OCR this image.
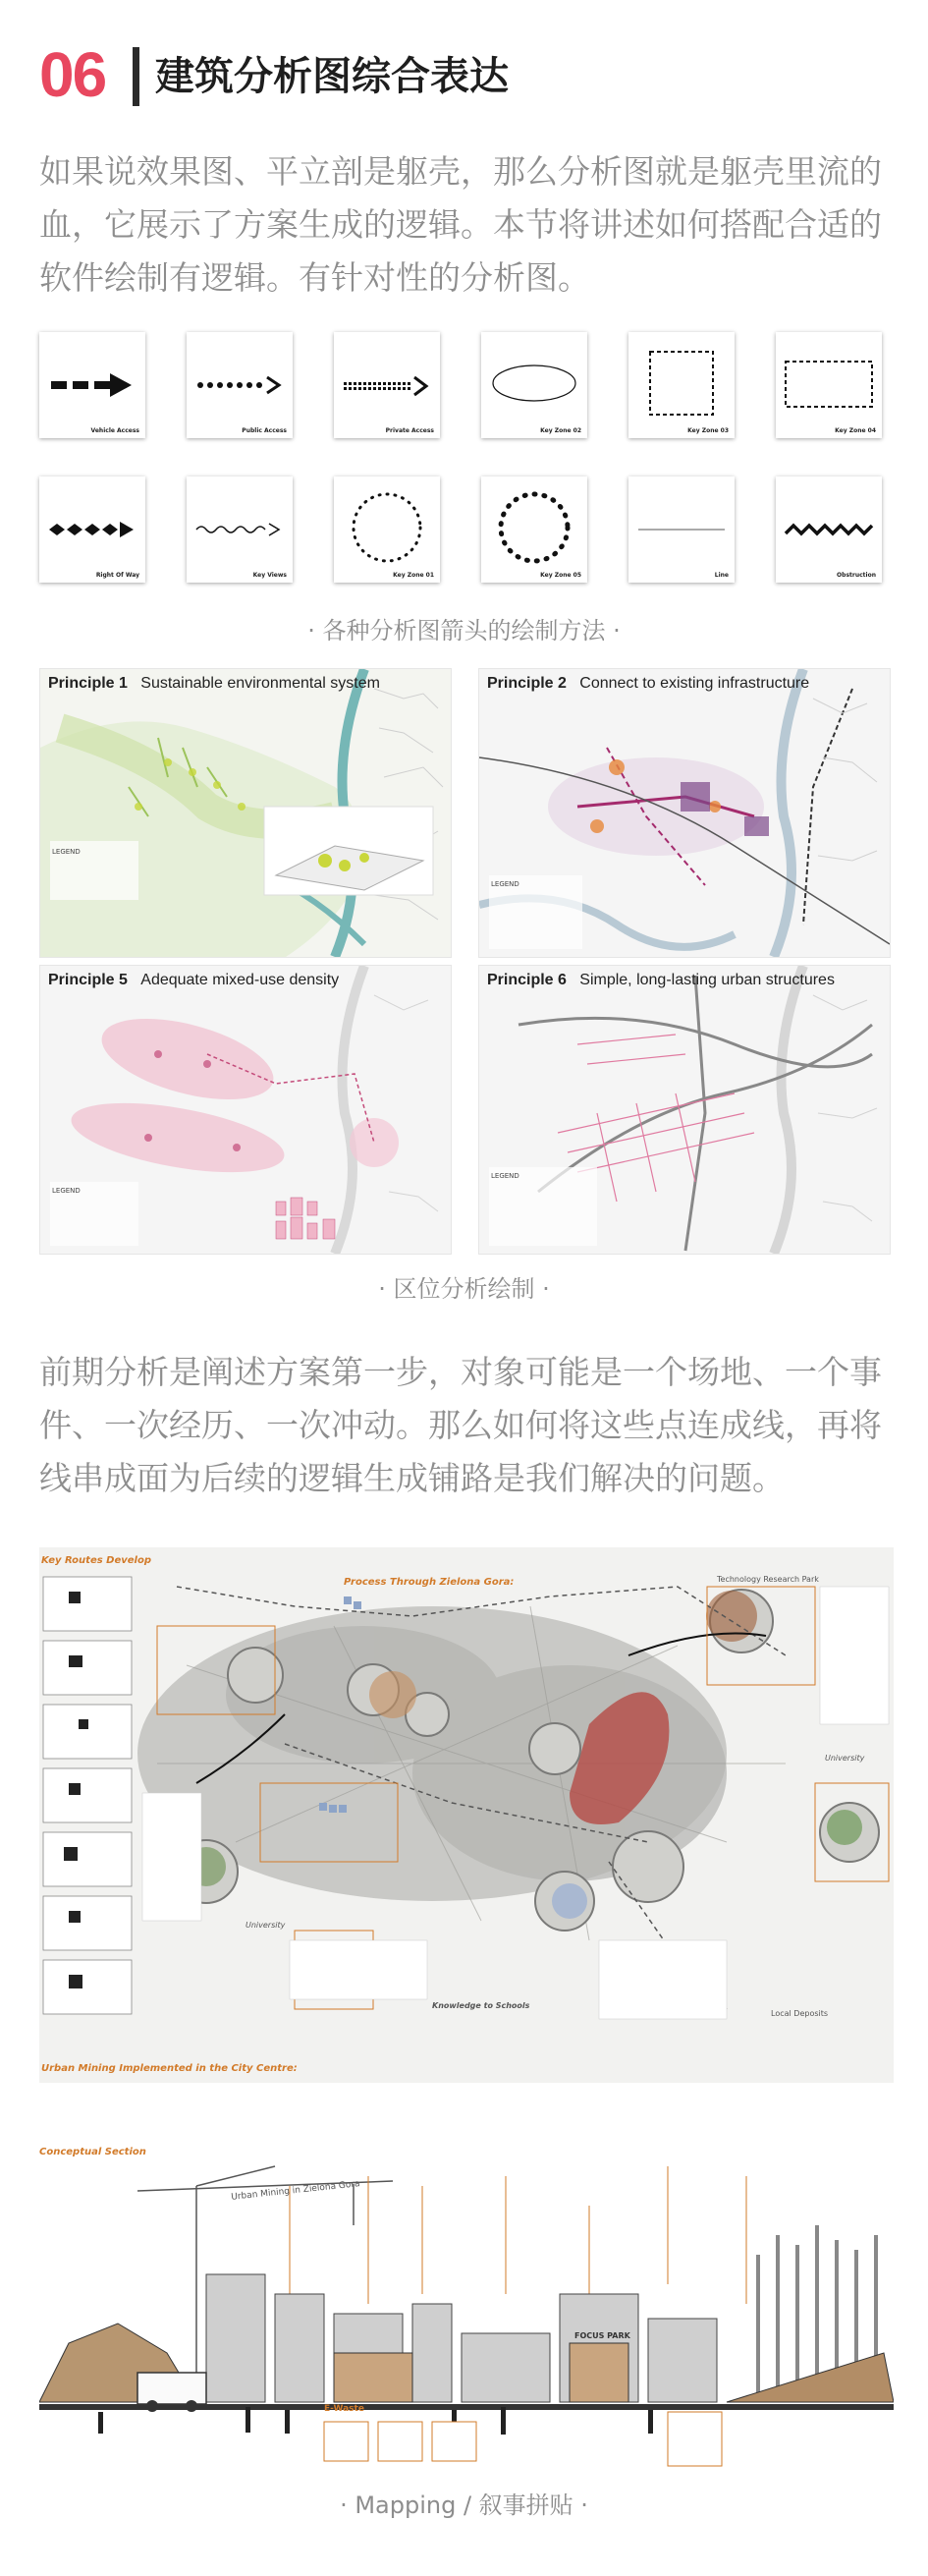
06 建筑分析图综合表达
如果说效果图、平立剖是躯壳，那么分析图就是躯壳里流的血，它展示了方案生成的逻辑。本节将讲述如何搭配合适的软件绘制有逻辑。有针对性的分析图。
Vehicle Access	Public Access	Private Access	Key Zone 02	Key Zone 03	Key Zone 04
Right Of Way	Key Views	Key Zone 01	Key Zone 05	Line	Obstruction
· 各种分析图箭头的绘制方法 ·
Principle 1 Sustainable environmental system
LEGEND
Principle 2 Connect to existing infrastructure
LEGEND
Principle 5 Adequate mixed-use density
LEGEND
Principle 6 Simple, long-lasting urban structures
LEGEND
· 区位分析绘制 ·
前期分析是阐述方案第一步，对象可能是一个场地、一个事件、一次经历、一次冲动。那么如何将这些点连成线，再将线串成面为后续的逻辑生成铺路是我们解决的问题。
Key Routes Develop
Process Through Zielona Gora:	Technology Research Park
University
University
Knowledge to Schools
Local Deposits
Urban Mining Implemented in the City Centre:
Conceptual Section
Urban Mining in Zielona Gora
E-Waste
FOCUS PARK
· Mapping / 叙事拼贴 ·
